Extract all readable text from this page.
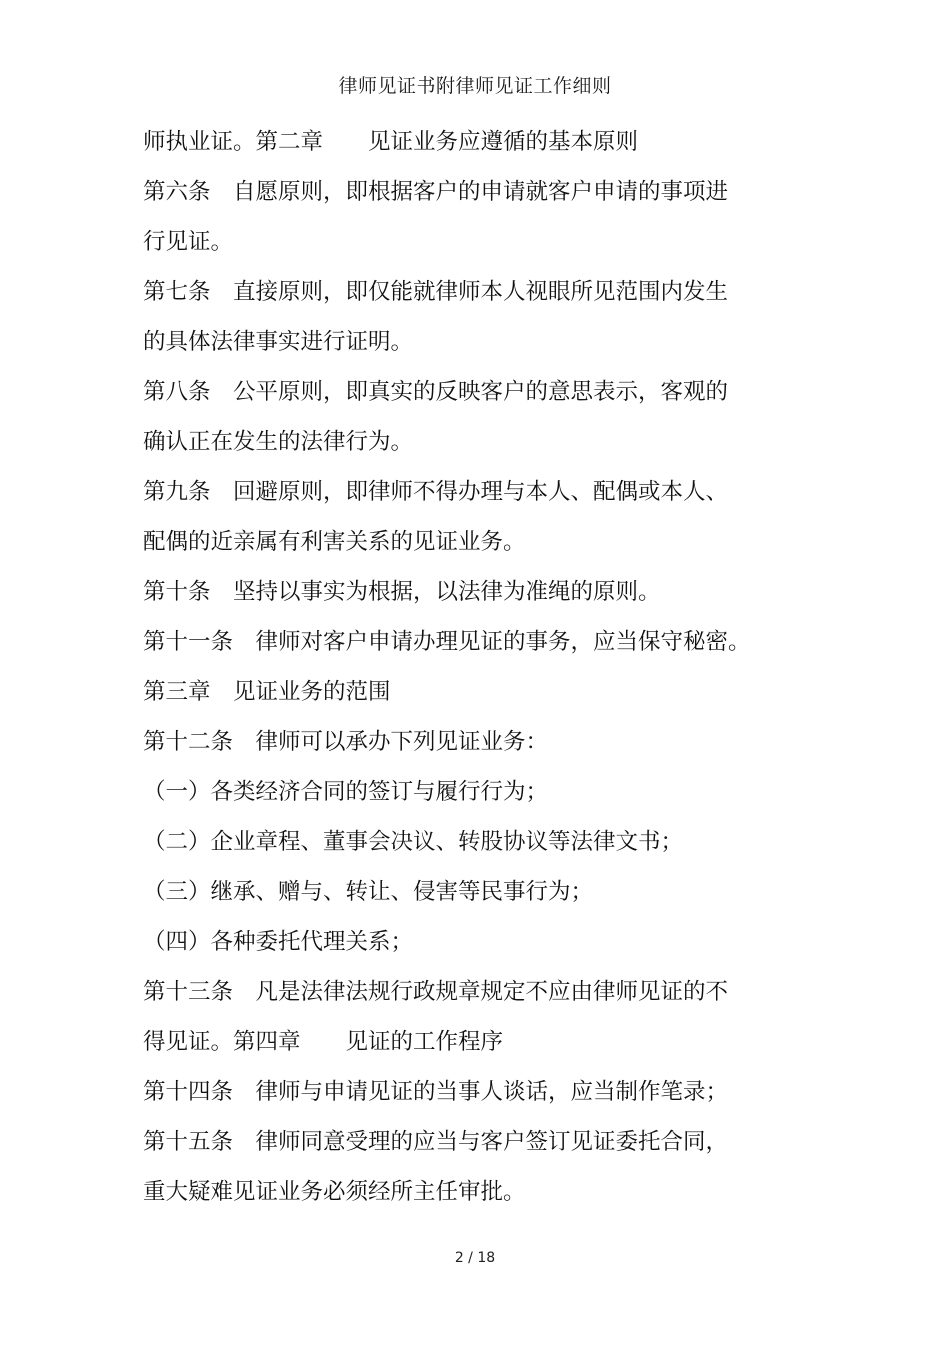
律师见证书附律师见证工作细则
师执业证。第二章　　见证业务应遵循的基本原则
第六条　自愿原则，即根据客户的申请就客户申请的事项进
行见证。
第七条　直接原则，即仅能就律师本人视眼所见范围内发生
的具体法律事实进行证明。
第八条　公平原则，即真实的反映客户的意思表示，客观的
确认正在发生的法律行为。
第九条　回避原则，即律师不得办理与本人、配偶或本人、
配偶的近亲属有利害关系的见证业务。
第十条　坚持以事实为根据，以法律为准绳的原则。
第十一条　律师对客户申请办理见证的事务，应当保守秘密。
第三章　见证业务的范围
第十二条　律师可以承办下列见证业务：
（一）各类经济合同的签订与履行行为；
（二）企业章程、董事会决议、转股协议等法律文书；
（三）继承、赠与、转让、侵害等民事行为；
（四）各种委托代理关系；
第十三条　凡是法律法规行政规章规定不应由律师见证的不
得见证。第四章　　见证的工作程序
第十四条　律师与申请见证的当事人谈话，应当制作笔录；
第十五条　律师同意受理的应当与客户签订见证委托合同，
重大疑难见证业务必须经所主任审批。
2 / 18
